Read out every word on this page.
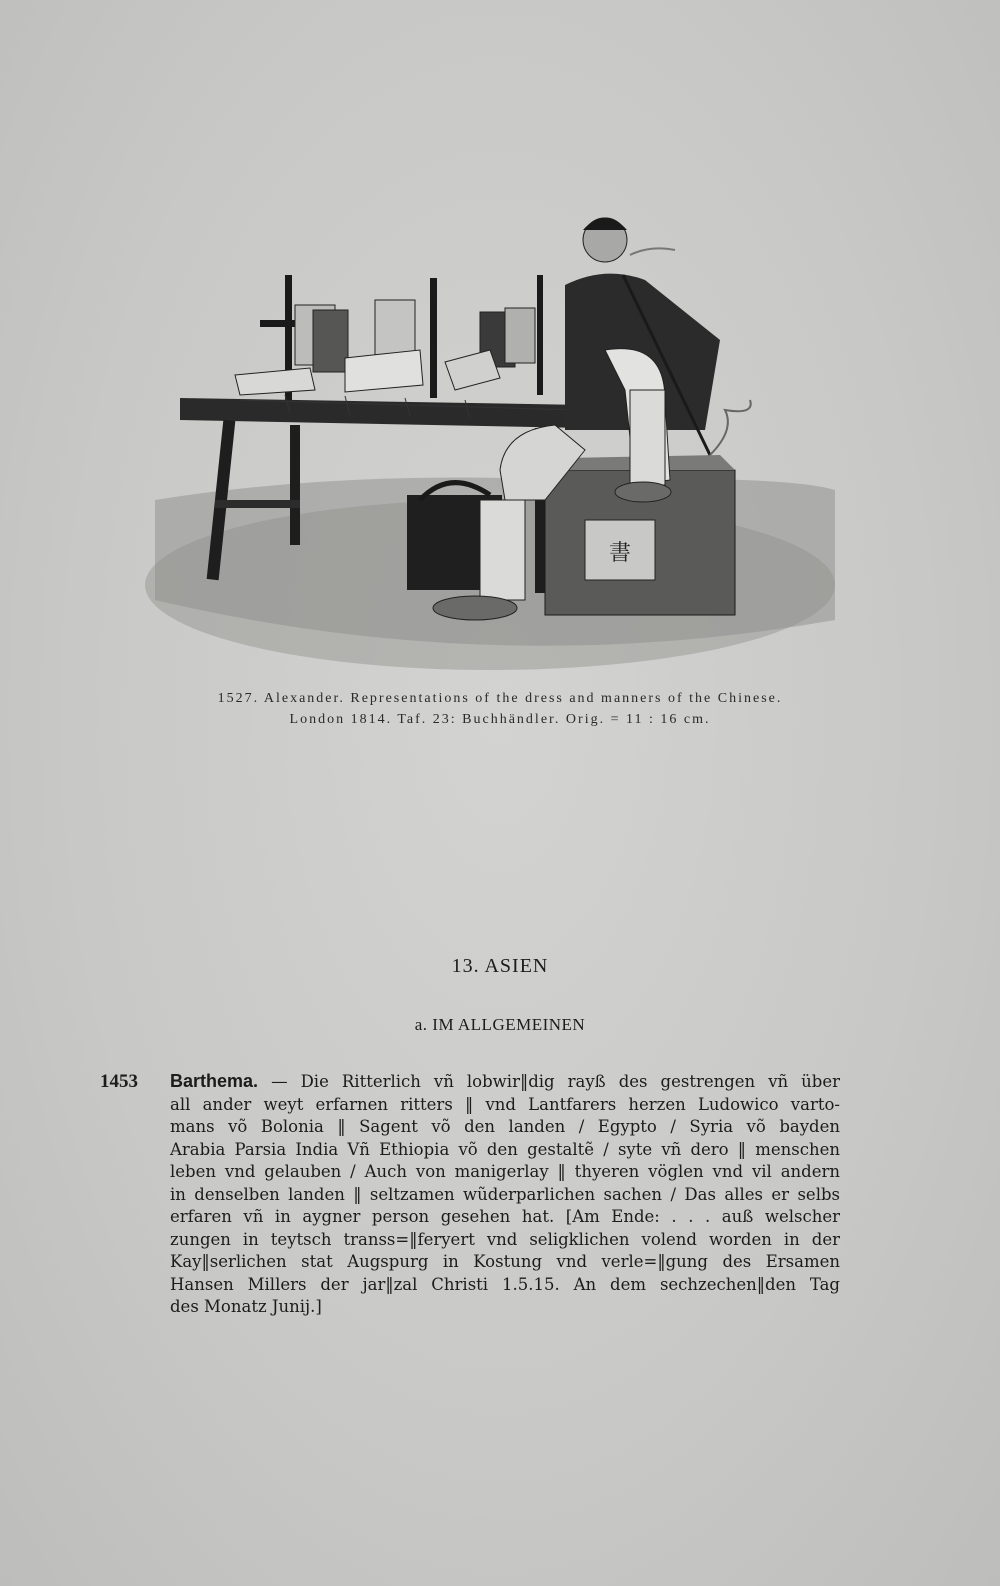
書
1527. Alexander. Representations of the dress and manners of the Chinese.
London 1814. Taf. 23: Buchhändler. Orig. = 11 : 16 cm.
13. ASIEN
a. IM ALLGEMEINEN
1453 Barthema. — Die Ritterlich vñ lobwir‖dig rayß des gestrengen vñ über
all ander weyt erfarnen ritters ‖ vnd Lantfarers herzen Ludowico varto-
mans võ Bolonia ‖ Sagent võ den landen / Egypto / Syria võ bayden
Arabia Parsia India Vñ Ethiopia võ den gestaltẽ / syte vñ dero ‖ menschen
leben vnd gelauben / Auch von manigerlay ‖ thyeren vöglen vnd vil andern
in denselben landen ‖ seltzamen wũderparlichen sachen / Das alles er selbs
erfaren vñ in aygner person gesehen hat. [Am Ende: . . . auß welscher
zungen in teytsch transs=‖feryert vnd seligklichen volend worden in der
Kay‖serlichen stat Augspurg in Kostung vnd verle=‖gung des Ersamen
Hansen Millers der jar‖zal Christi 1.5.15. An dem sechzechen‖den Tag
des Monatz Junij.]
